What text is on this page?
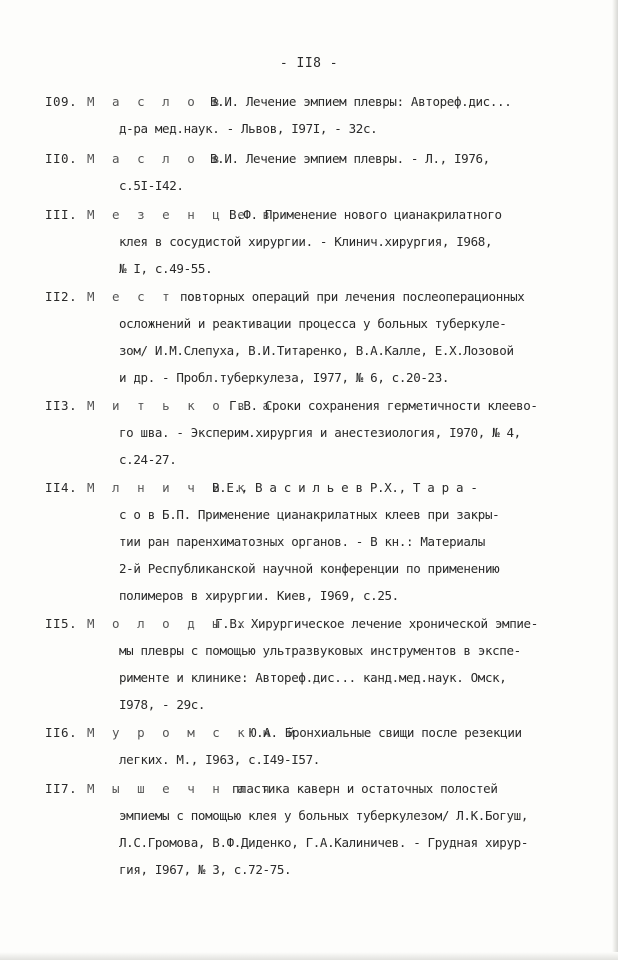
- II8 -
I09. М а с л о в
В.И. Лечение эмпием плевры: Автореф.дис...
д-ра мед.наук. - Львов, I97I, - 32с.
II0. М а с л о в
В.И. Лечение эмпием плевры. - Л., I976,
с.5I-I42.
III. М е з е н ц е в
В.Ф. Применение нового цианакрилатного
клея в сосудистой хирургии. - Клинич.хирургия, I968,
№ I, с.49-55.
II2. М е с т о
повторных операций при лечения послеоперационных
осложнений и реактивации процесса у больных туберкуле-
зом/ И.М.Слепуха, В.И.Титаренко, В.А.Калле, Е.Х.Лозовой
и др. - Пробл.туберкулеза, I977, № 6, с.20-23.
II3. М и т ь к о в а
Г.В. Сроки сохранения герметичности клеево-
го шва. - Эксперим.хирургия и анестезиология, I970, № 4,
с.24-27.
II4. М л н и ч и к
В.Е., В а с и л ь е в Р.Х., Т а р а -
с о в Б.П. Применение цианакрилатных клеев при закры-
тии ран паренхиматозных органов. - В кн.: Материалы
2-й Республиканской научной конференции по применению
полимеров в хирургии. Киев, I969, с.25.
II5. М о л о д ы х
Г.В. Хирургическое лечение хронической эмпие-
мы плевры с помощью ультразвуковых инструментов в экспе-
рименте и клинике: Автореф.дис... канд.мед.наук. Омск,
I978, - 29с.
II6. М у р о м с к и й
Ю.А. Бронхиальные свищи после резекции
легких. М., I963, с.I49-I57.
II7. М ы ш е ч н а я
пластика каверн и остаточных полостей
эмпиемы с помощью клея у больных туберкулезом/ Л.К.Богуш,
Л.С.Громова, В.Ф.Диденко, Г.А.Калиничев. - Грудная хирур-
гия, I967, № 3, с.72-75.
